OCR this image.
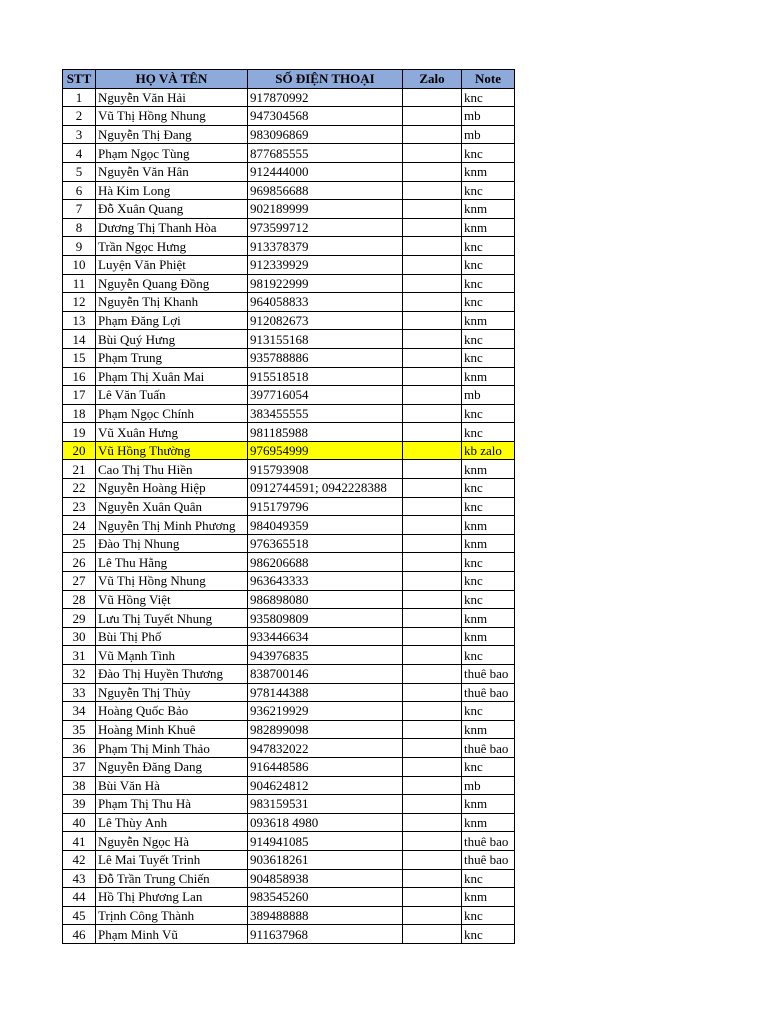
STT	HỌ VÀ TÊN	SỐ ĐIỆN THOẠI	Zalo	Note
1	Nguyễn Văn Hải	917870992		knc
2	Vũ Thị Hồng Nhung	947304568		mb
3	Nguyễn Thị Đang	983096869		mb
4	Phạm Ngọc Tùng	877685555		knc
5	Nguyễn Văn Hân	912444000		knm
6	Hà Kim Long	969856688		knc
7	Đỗ Xuân Quang	902189999		knm
8	Dương Thị Thanh Hòa	973599712		knm
9	Trần Ngọc Hưng	913378379		knc
10	Luyện Văn Phiệt	912339929		knc
11	Nguyễn Quang Đồng	981922999		knc
12	Nguyễn Thị Khanh	964058833		knc
13	Phạm Đăng Lợi	912082673		knm
14	Bùi Quý Hưng	913155168		knc
15	Phạm Trung	935788886		knc
16	Phạm Thị Xuân Mai	915518518		knm
17	Lê Văn Tuấn	397716054		mb
18	Phạm Ngọc Chính	383455555		knc
19	Vũ Xuân Hưng	981185988		knc
20	Vũ Hồng Thường	976954999		kb zalo
21	Cao Thị Thu Hiền	915793908		knm
22	Nguyễn Hoàng Hiệp	0912744591; 0942228388		knc
23	Nguyễn Xuân Quân	915179796		knc
24	Nguyễn Thị Minh Phương	984049359		knm
25	Đào Thị Nhung	976365518		knm
26	Lê Thu Hằng	986206688		knc
27	Vũ Thị Hồng Nhung	963643333		knc
28	Vũ Hồng Việt	986898080		knc
29	Lưu Thị Tuyết Nhung	935809809		knm
30	Bùi Thị Phố	933446634		knm
31	Vũ Mạnh Tình	943976835		knc
32	Đào Thị Huyền Thương	838700146		thuê bao
33	Nguyễn Thị Thủy	978144388		thuê bao
34	Hoàng Quốc Bảo	936219929		knc
35	Hoàng Minh Khuê	982899098		knm
36	Phạm Thị Minh Thảo	947832022		thuê bao
37	Nguyễn Đăng Dang	916448586		knc
38	Bùi Văn Hà	904624812		mb
39	Phạm Thị Thu Hà	983159531		knm
40	Lê Thùy Anh	093618 4980		knm
41	Nguyễn Ngọc Hà	914941085		thuê bao
42	Lê Mai Tuyết Trinh	903618261		thuê bao
43	Đỗ Trần Trung Chiến	904858938		knc
44	Hồ Thị Phương Lan	983545260		knm
45	Trịnh Công Thành	389488888		knc
46	Phạm Minh Vũ	911637968		knc
